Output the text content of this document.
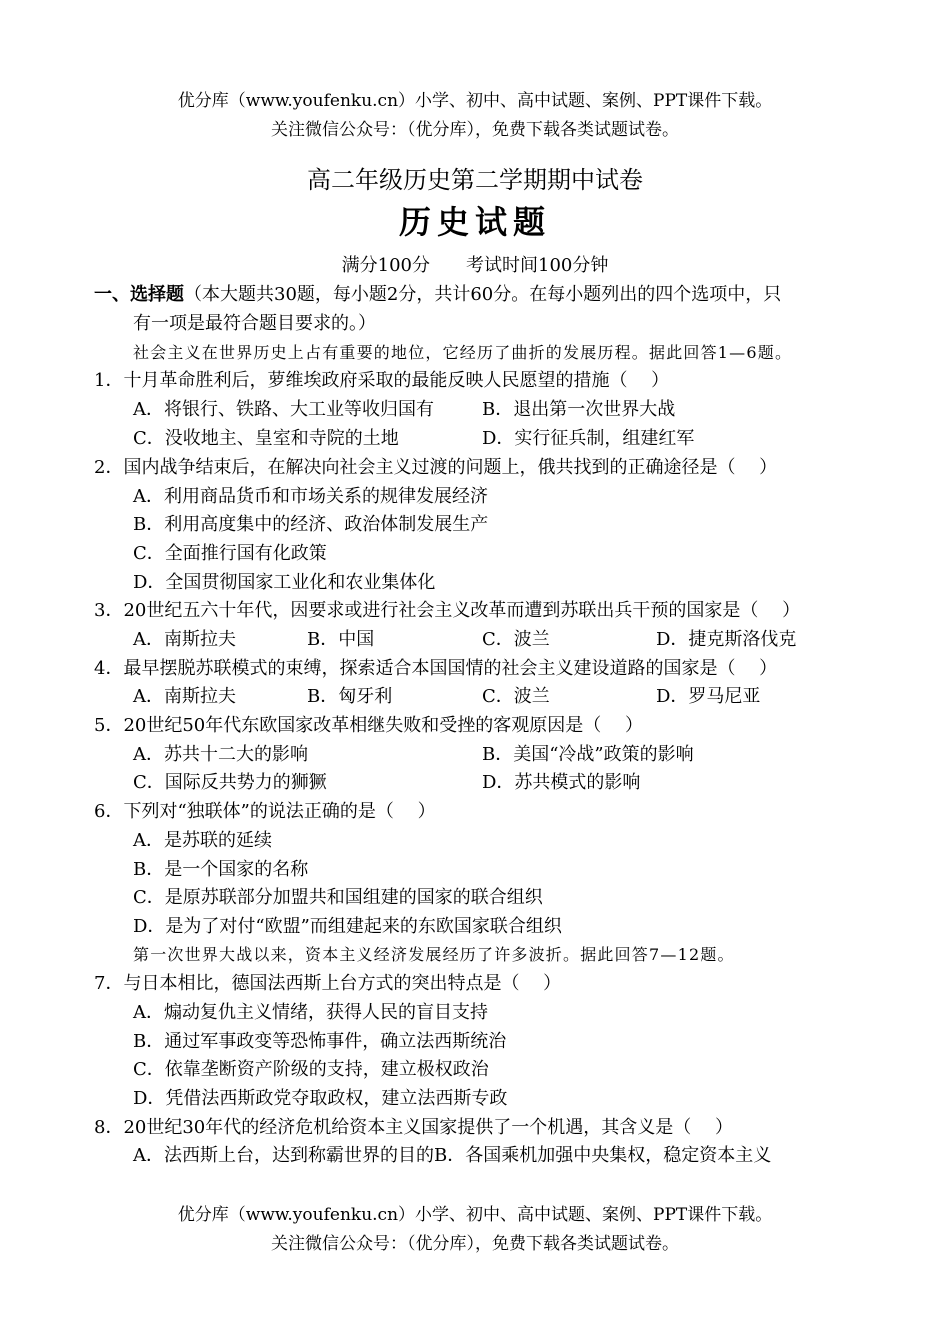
优分库（www.youfenku.cn）小学、初中、高中试题、案例、PPT课件下载。
关注微信公众号：（优分库），免费下载各类试题试卷。
高二年级历史第二学期期中试卷
历史试题
满分100分　　考试时间100分钟
一、选择题（本大题共30题，每小题2分，共计60分。在每小题列出的四个选项中，只
有一项是最符合题目要求的。）
社会主义在世界历史上占有重要的地位，它经历了曲折的发展历程。据此回答1—6题。
1．十月革命胜利后，萝维埃政府采取的最能反映人民愿望的措施（　 ）
A．将银行、铁路、大工业等收归国有	B．退出第一次世界大战
C．没收地主、皇室和寺院的土地	D．实行征兵制，组建红军
2．国内战争结束后，在解决向社会主义过渡的问题上，俄共找到的正确途径是（　 ）
A．利用商品货币和市场关系的规律发展经济
B．利用高度集中的经济、政治体制发展生产
C．全面推行国有化政策
D．全国贯彻国家工业化和农业集体化
3．20世纪五六十年代，因要求或进行社会主义改革而遭到苏联出兵干预的国家是（　 ）
A．南斯拉夫	B．中国	C．波兰	D．捷克斯洛伐克
4．最早摆脱苏联模式的束缚，探索适合本国国情的社会主义建设道路的国家是（　 ）
A．南斯拉夫	B．匈牙利	C．波兰	D．罗马尼亚
5．20世纪50年代东欧国家改革相继失败和受挫的客观原因是（　 ）
A．苏共十二大的影响	B．美国“冷战”政策的影响
C．国际反共势力的狮獗	D．苏共模式的影响
6．下列对“独联体”的说法正确的是（　 ）
A．是苏联的延续
B．是一个国家的名称
C．是原苏联部分加盟共和国组建的国家的联合组织
D．是为了对付“欧盟”而组建起来的东欧国家联合组织
第一次世界大战以来，资本主义经济发展经历了许多波折。据此回答7—12题。
7．与日本相比，德国法西斯上台方式的突出特点是（　 ）
A．煽动复仇主义情绪，获得人民的盲目支持
B．通过军事政变等恐怖事件，确立法西斯统治
C．依靠垄断资产阶级的支持，建立极权政治
D．凭借法西斯政党夺取政权，建立法西斯专政
8．20世纪30年代的经济危机给资本主义国家提供了一个机遇，其含义是（　 ）
A．法西斯上台，达到称霸世界的目的B．各国乘机加强中央集权，稳定资本主义
优分库（www.youfenku.cn）小学、初中、高中试题、案例、PPT课件下载。
关注微信公众号：（优分库），免费下载各类试题试卷。
